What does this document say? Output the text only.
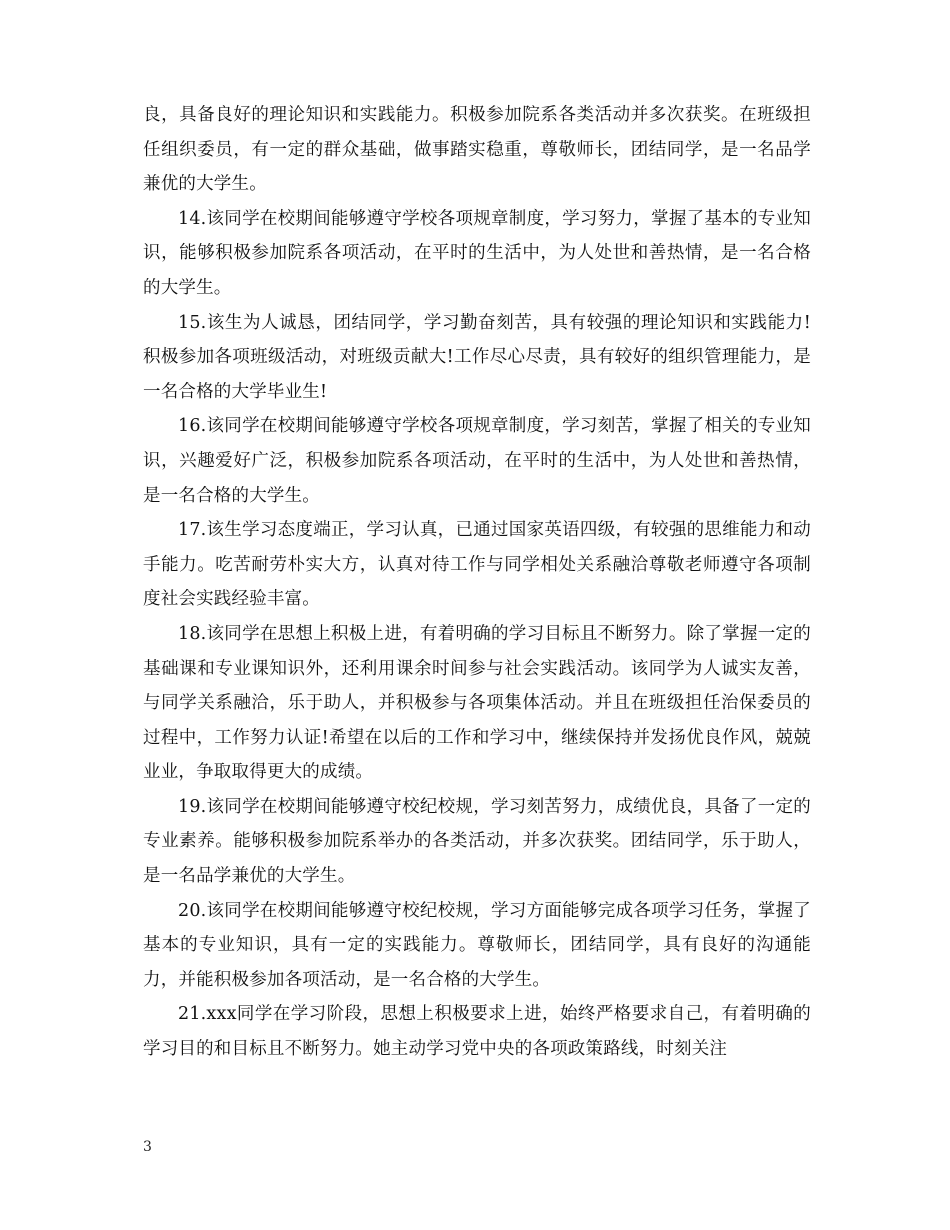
良，具备良好的理论知识和实践能力。积极参加院系各类活动并多次获奖。在班级担任组织委员，有一定的群众基础，做事踏实稳重，尊敬师长，团结同学，是一名品学兼优的大学生。

14.该同学在校期间能够遵守学校各项规章制度，学习努力，掌握了基本的专业知识，能够积极参加院系各项活动，在平时的生活中，为人处世和善热情，是一名合格的大学生。

15.该生为人诚恳，团结同学，学习勤奋刻苦，具有较强的理论知识和实践能力!积极参加各项班级活动，对班级贡献大!工作尽心尽责，具有较好的组织管理能力，是一名合格的大学毕业生!

16.该同学在校期间能够遵守学校各项规章制度，学习刻苦，掌握了相关的专业知识，兴趣爱好广泛，积极参加院系各项活动，在平时的生活中，为人处世和善热情，是一名合格的大学生。

17.该生学习态度端正，学习认真，已通过国家英语四级，有较强的思维能力和动手能力。吃苦耐劳朴实大方，认真对待工作与同学相处关系融洽尊敬老师遵守各项制度社会实践经验丰富。

18.该同学在思想上积极上进，有着明确的学习目标且不断努力。除了掌握一定的基础课和专业课知识外，还利用课余时间参与社会实践活动。该同学为人诚实友善，与同学关系融洽，乐于助人，并积极参与各项集体活动。并且在班级担任治保委员的过程中，工作努力认证!希望在以后的工作和学习中，继续保持并发扬优良作风，兢兢业业，争取取得更大的成绩。

19.该同学在校期间能够遵守校纪校规，学习刻苦努力，成绩优良，具备了一定的专业素养。能够积极参加院系举办的各类活动，并多次获奖。团结同学，乐于助人，是一名品学兼优的大学生。

20.该同学在校期间能够遵守校纪校规，学习方面能够完成各项学习任务，掌握了基本的专业知识，具有一定的实践能力。尊敬师长，团结同学，具有良好的沟通能力，并能积极参加各项活动，是一名合格的大学生。

21.xxx同学在学习阶段，思想上积极要求上进，始终严格要求自己，有着明确的学习目的和目标且不断努力。她主动学习党中央的各项政策路线，时刻关注

3
